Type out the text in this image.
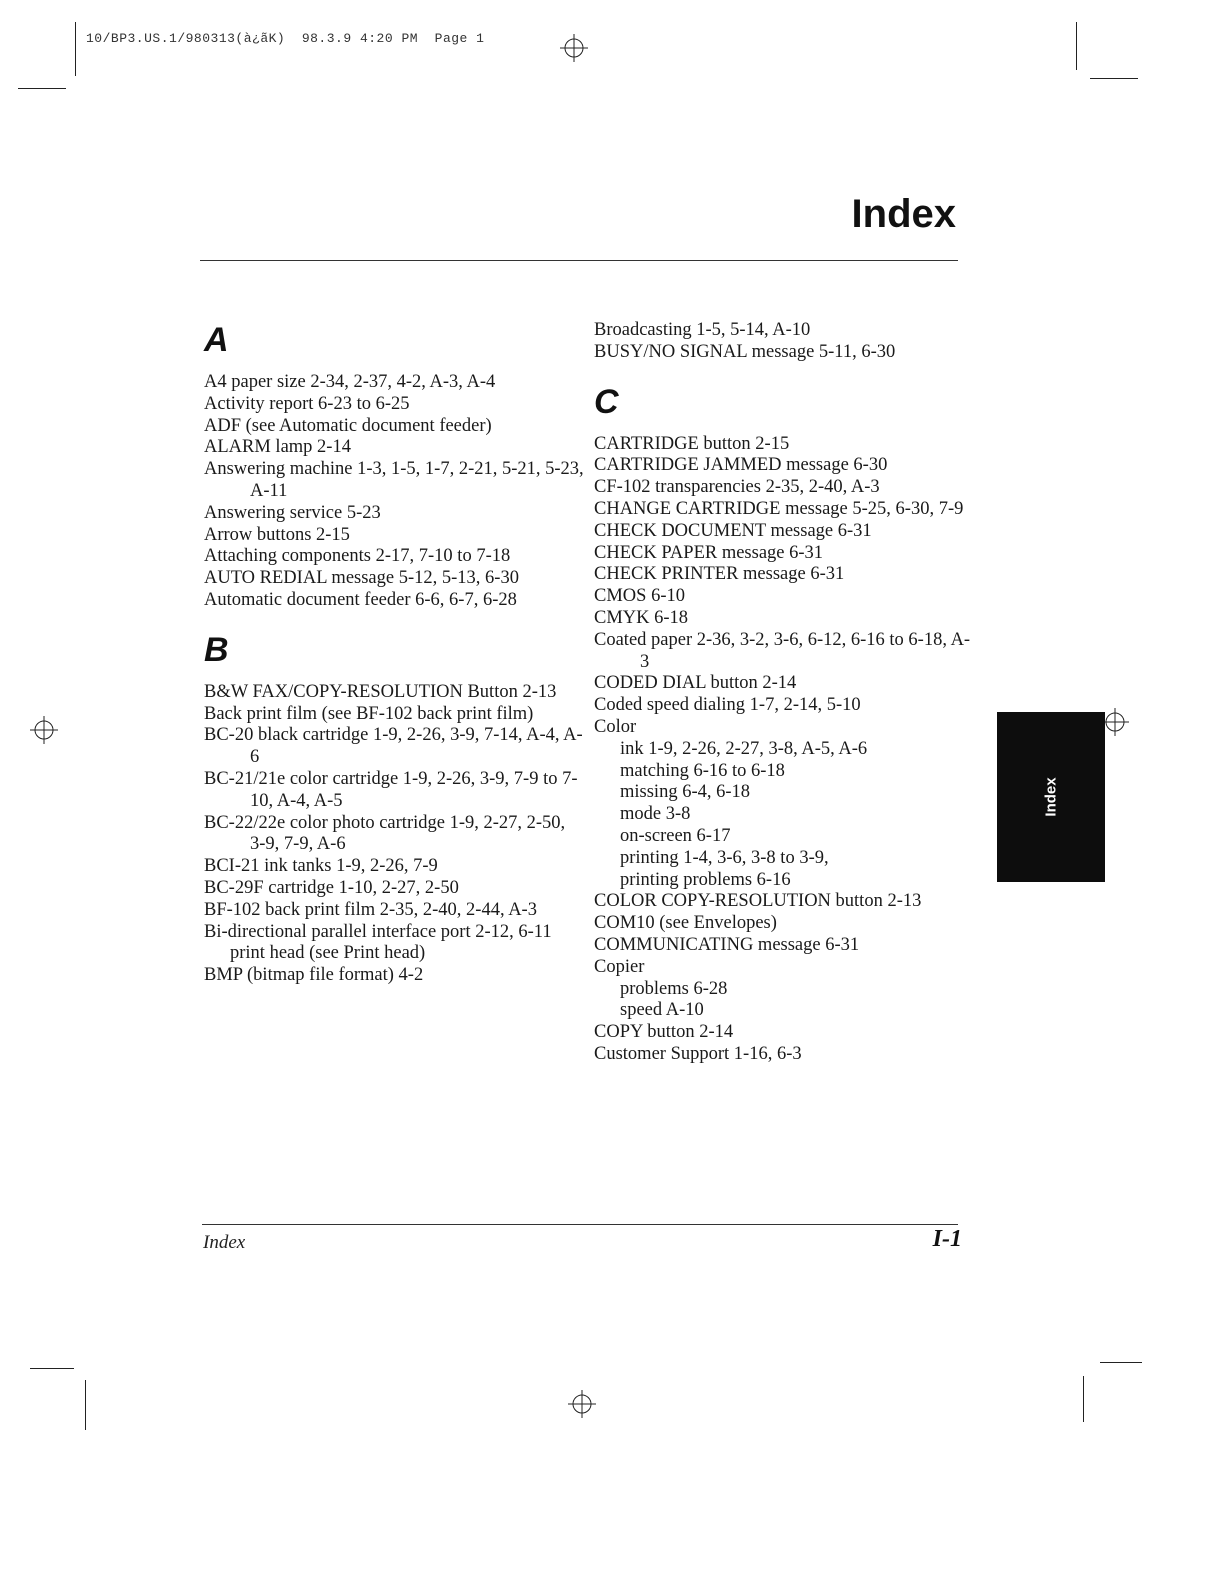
10/BP3.US.1/980313(à¿ãK)  98.3.9 4:20 PM  Page 1
Index
A

A4 paper size 2-34, 2-37, 4-2, A-3, A-4

Activity report 6-23 to 6-25

ADF (see Automatic document feeder)

ALARM lamp 2-14

Answering machine 1-3, 1-5, 1-7, 2-21, 5-21, 5-23, A-11

Answering service 5-23

Arrow buttons 2-15

Attaching components 2-17, 7-10 to 7-18

AUTO REDIAL message 5-12, 5-13, 6-30

Automatic document feeder 6-6, 6-7, 6-28

B

B&W FAX/COPY-RESOLUTION Button 2-13

Back print film (see BF-102 back print film)

BC-20 black cartridge 1-9, 2-26, 3-9, 7-14, A-4, A-6

BC-21/21e color cartridge 1-9, 2-26, 3-9, 7-9 to 7-10, A-4, A-5

BC-22/22e color photo cartridge 1-9, 2-27, 2-50, 3-9, 7-9, A-6

BCI-21 ink tanks 1-9, 2-26, 7-9

BC-29F cartridge 1-10, 2-27, 2-50

BF-102 back print film 2-35, 2-40, 2-44, A-3

Bi-directional parallel interface port 2-12, 6-11

print head (see Print head)

BMP (bitmap file format) 4-2

Broadcasting 1-5, 5-14, A-10

BUSY/NO SIGNAL message 5-11, 6-30

C

CARTRIDGE button 2-15

CARTRIDGE JAMMED message 6-30

CF-102 transparencies 2-35, 2-40, A-3

CHANGE CARTRIDGE message 5-25, 6-30, 7-9

CHECK DOCUMENT message 6-31

CHECK PAPER message 6-31

CHECK PRINTER message 6-31

CMOS 6-10

CMYK 6-18

Coated paper 2-36, 3-2, 3-6, 6-12, 6-16 to 6-18, A-3

CODED DIAL button 2-14

Coded speed dialing 1-7, 2-14, 5-10

Color

ink 1-9, 2-26, 2-27, 3-8, A-5, A-6

matching 6-16 to 6-18

missing 6-4, 6-18

mode 3-8

on-screen 6-17

printing 1-4, 3-6, 3-8 to 3-9,

printing problems 6-16

COLOR COPY-RESOLUTION button 2-13

COM10 (see Envelopes)

COMMUNICATING message 6-31

Copier

problems 6-28

speed A-10

COPY button 2-14

Customer Support 1-16, 6-3

Index
Index	I-1
